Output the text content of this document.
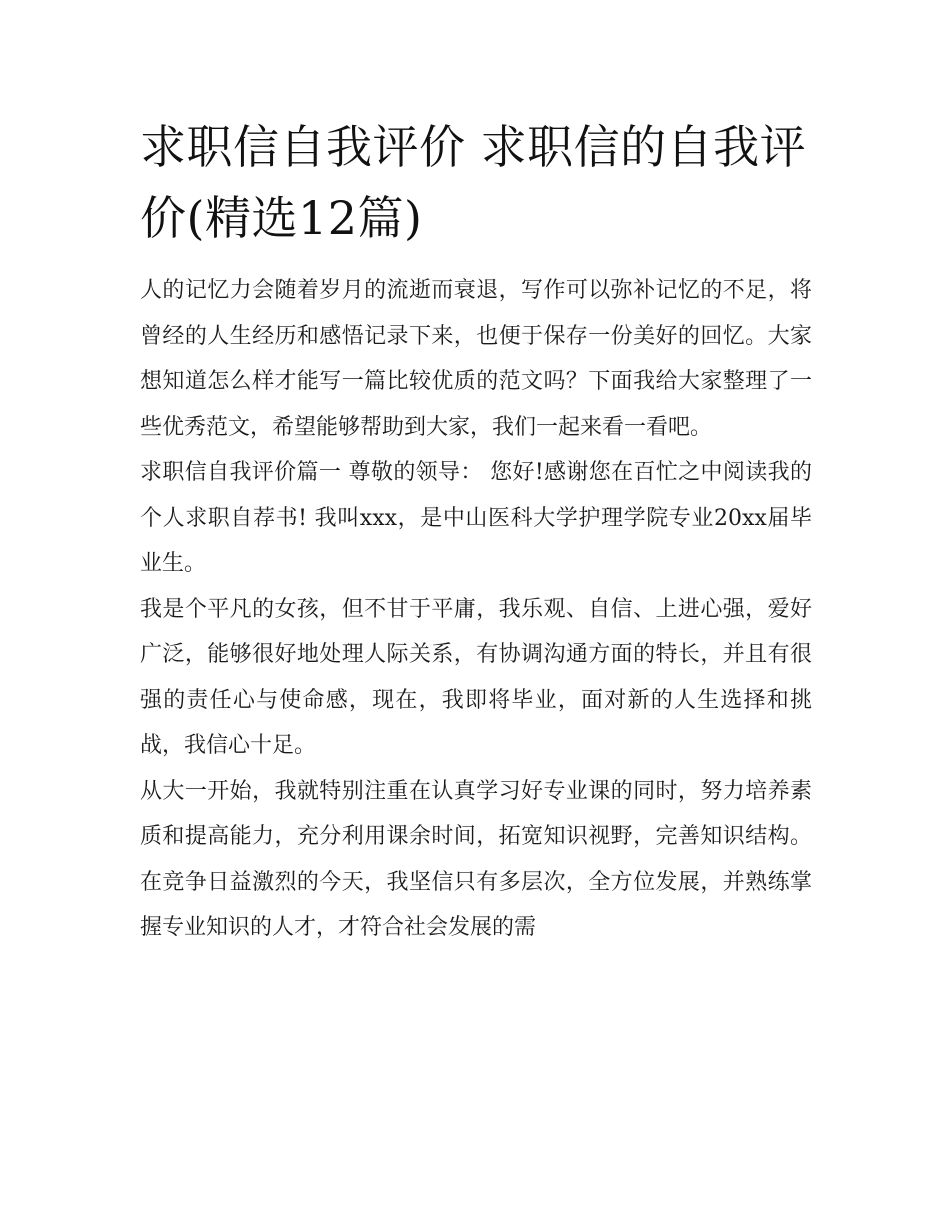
求职信自我评价 求职信的自我评价(精选12篇)

人的记忆力会随着岁月的流逝而衰退，写作可以弥补记忆的不足，将曾经的人生经历和感悟记录下来，也便于保存一份美好的回忆。大家想知道怎么样才能写一篇比较优质的范文吗？下面我给大家整理了一些优秀范文，希望能够帮助到大家，我们一起来看一看吧。

求职信自我评价篇一 尊敬的领导： 您好!感谢您在百忙之中阅读我的个人求职自荐书! 我叫xxx，是中山医科大学护理学院专业20xx届毕业生。

我是个平凡的女孩，但不甘于平庸，我乐观、自信、上进心强，爱好广泛，能够很好地处理人际关系，有协调沟通方面的特长，并且有很强的责任心与使命感，现在，我即将毕业，面对新的人生选择和挑战，我信心十足。

从大一开始，我就特别注重在认真学习好专业课的同时，努力培养素质和提高能力，充分利用课余时间，拓宽知识视野，完善知识结构。在竞争日益激烈的今天，我坚信只有多层次，全方位发展，并熟练掌握专业知识的人才，才符合社会发展的需
